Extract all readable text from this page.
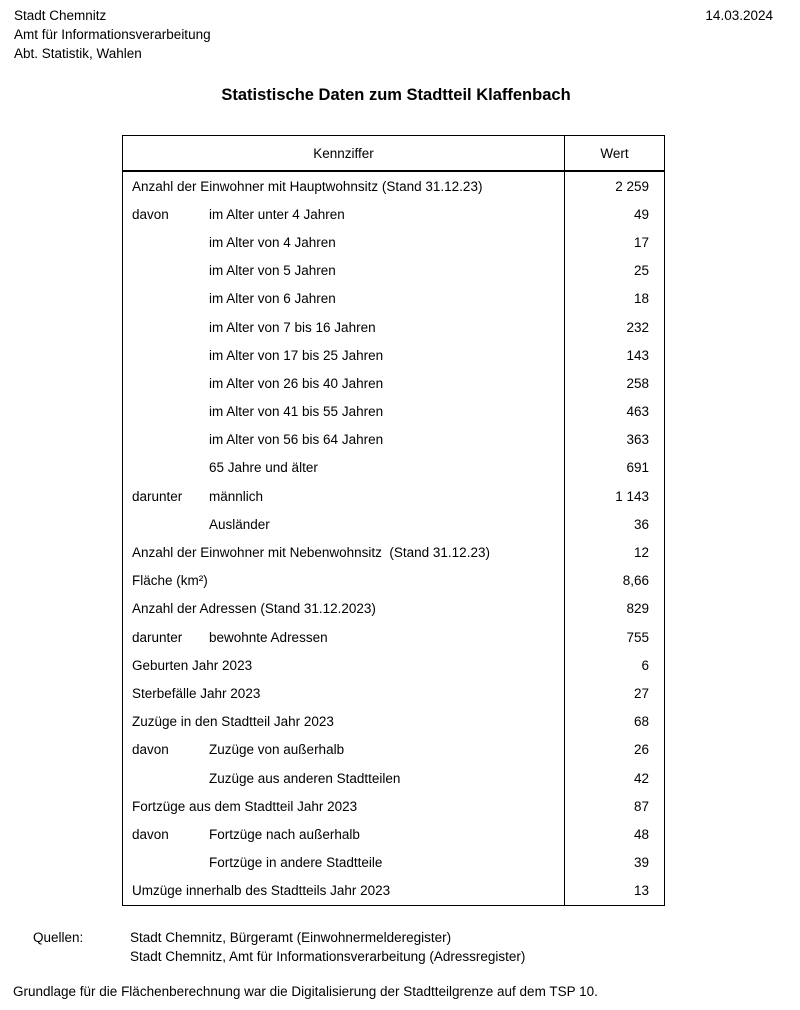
Stadt Chemnitz
Amt für Informationsverarbeitung
Abt. Statistik, Wahlen
14.03.2024
Statistische Daten zum Stadtteil Klaffenbach
Kennziffer	Wert
Anzahl der Einwohner mit Hauptwohnsitz (Stand 31.12.23)	2 259
davon	im Alter unter 4 Jahren	49
im Alter von 4 Jahren	17
im Alter von 5 Jahren	25
im Alter von 6 Jahren	18
im Alter von 7 bis 16 Jahren	232
im Alter von 17 bis 25 Jahren	143
im Alter von 26 bis 40 Jahren	258
im Alter von 41 bis 55 Jahren	463
im Alter von 56 bis 64 Jahren	363
65 Jahre und älter	691
darunter	männlich	1 143
Ausländer	36
Anzahl der Einwohner mit Nebenwohnsitz  (Stand 31.12.23)	12
Fläche (km²)	8,66
Anzahl der Adressen (Stand 31.12.2023)	829
darunter	bewohnte Adressen	755
Geburten Jahr 2023	6
Sterbefälle Jahr 2023	27
Zuzüge in den Stadtteil Jahr 2023	68
davon	Zuzüge von außerhalb	26
Zuzüge aus anderen Stadtteilen	42
Fortzüge aus dem Stadtteil Jahr 2023	87
davon	Fortzüge nach außerhalb	48
Fortzüge in andere Stadtteile	39
Umzüge innerhalb des Stadtteils Jahr 2023	13
Quellen:	Stadt Chemnitz, Bürgeramt (Einwohnermelderegister)
Stadt Chemnitz, Amt für Informationsverarbeitung (Adressregister)
Grundlage für die Flächenberechnung war die Digitalisierung der Stadtteilgrenze auf dem TSP 10.
